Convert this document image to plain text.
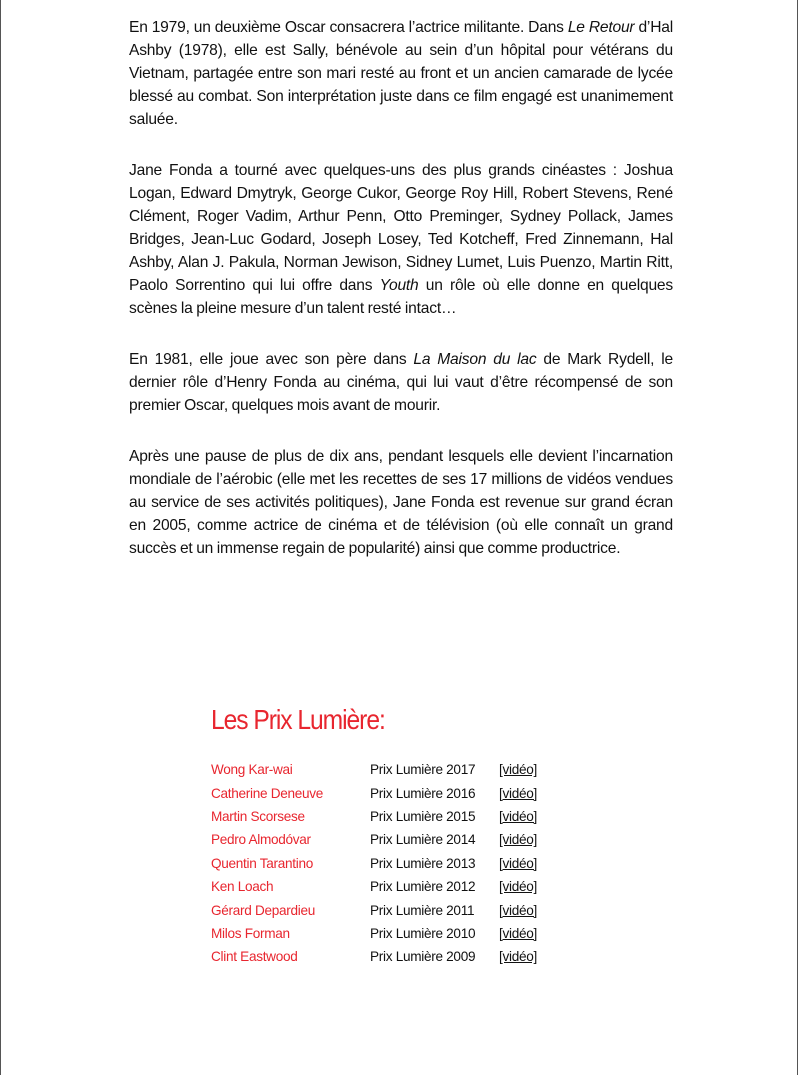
En 1979, un deuxième Oscar consacrera l’actrice militante. Dans Le Retour d’Hal Ashby (1978), elle est Sally, bénévole au sein d’un hôpital pour vétérans du Vietnam, partagée entre son mari resté au front et un ancien camarade de lycée blessé au combat. Son interprétation juste dans ce film engagé est unanimement saluée.

Jane Fonda a tourné avec quelques-uns des plus grands cinéastes : Joshua Logan, Edward Dmytryk, George Cukor, George Roy Hill, Robert Stevens, René Clément, Roger Vadim, Arthur Penn, Otto Preminger, Sydney Pollack, James Bridges, Jean-Luc Godard, Joseph Losey, Ted Kotcheff, Fred Zinnemann, Hal Ashby, Alan J. Pakula, Norman Jewison, Sidney Lumet, Luis Puenzo, Martin Ritt, Paolo Sorrentino qui lui offre dans Youth un rôle où elle donne en quelques scènes la pleine mesure d’un talent resté intact…

En 1981, elle joue avec son père dans La Maison du lac de Mark Rydell, le dernier rôle d’Henry Fonda au cinéma, qui lui vaut d’être récompensé de son premier Oscar, quelques mois avant de mourir.

Après une pause de plus de dix ans, pendant lesquels elle devient l’incarnation mondiale de l’aérobic (elle met les recettes de ses 17 millions de vidéos vendues au service de ses activités politiques), Jane Fonda est revenue sur grand écran en 2005, comme actrice de cinéma et de télévision (où elle connaît un grand succès et un immense regain de popularité) ainsi que comme productrice.

Les Prix Lumière:
Wong Kar-wai	Prix Lumière 2017	[vidéo]
Catherine Deneuve	Prix Lumière 2016	[vidéo]
Martin Scorsese	Prix Lumière 2015	[vidéo]
Pedro Almodóvar	Prix Lumière 2014	[vidéo]
Quentin Tarantino	Prix Lumière 2013	[vidéo]
Ken Loach	Prix Lumière 2012	[vidéo]
Gérard Depardieu	Prix Lumière 2011	[vidéo]
Milos Forman	Prix Lumière 2010	[vidéo]
Clint Eastwood	Prix Lumière 2009	[vidéo]
